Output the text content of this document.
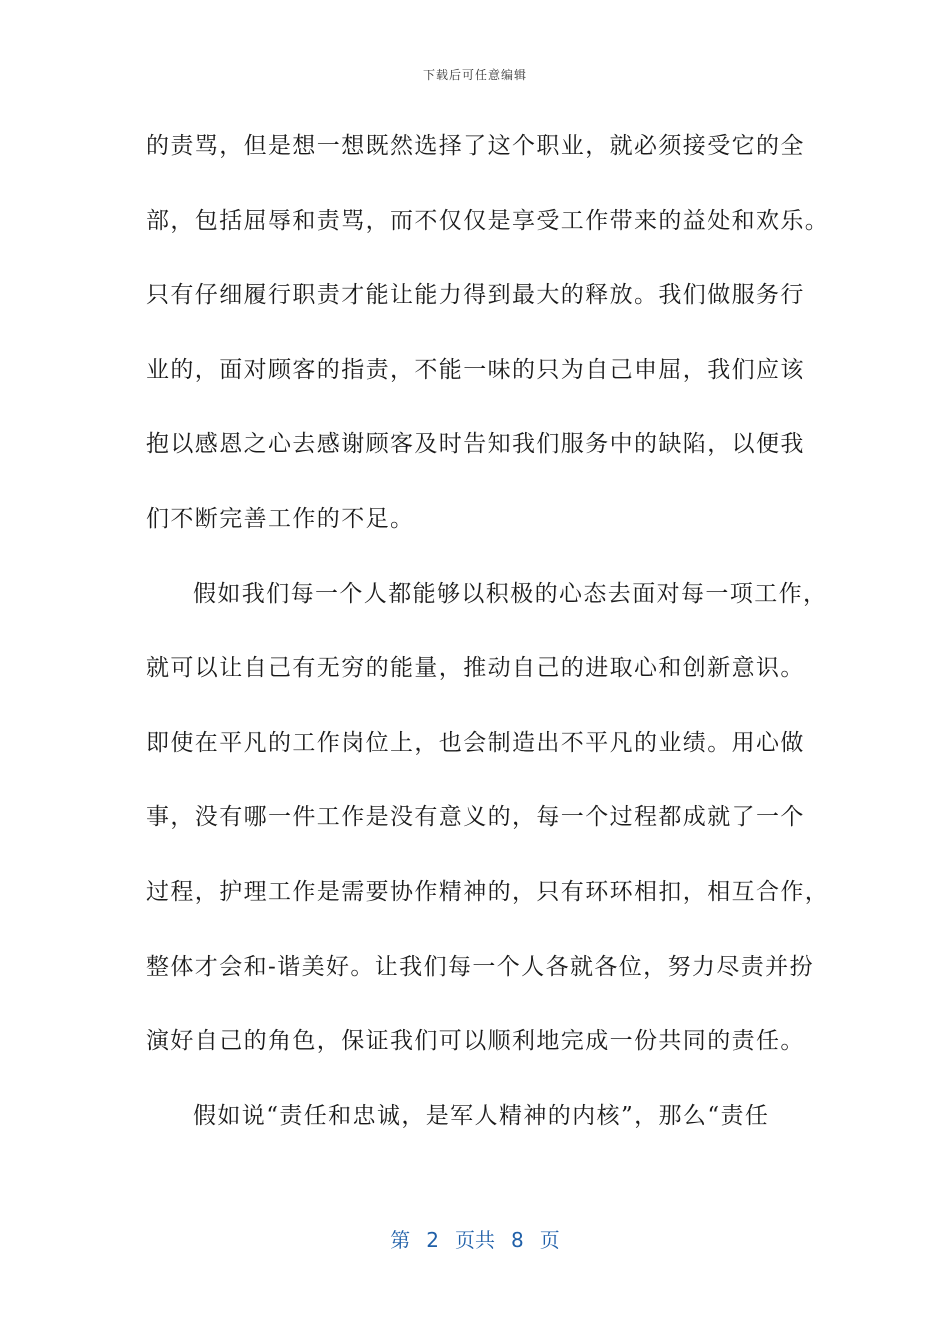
下载后可任意编辑
的责骂，但是想一想既然选择了这个职业，就必须接受它的全
部，包括屈辱和责骂，而不仅仅是享受工作带来的益处和欢乐。
只有仔细履行职责才能让能力得到最大的释放。我们做服务行
业的，面对顾客的指责，不能一味的只为自己申屈，我们应该
抱以感恩之心去感谢顾客及时告知我们服务中的缺陷，以便我
们不断完善工作的不足。
假如我们每一个人都能够以积极的心态去面对每一项工作，
就可以让自己有无穷的能量，推动自己的进取心和创新意识。
即使在平凡的工作岗位上，也会制造出不平凡的业绩。用心做
事，没有哪一件工作是没有意义的，每一个过程都成就了一个
过程，护理工作是需要协作精神的，只有环环相扣，相互合作，
整体才会和-谐美好。让我们每一个人各就各位，努力尽责并扮
演好自己的角色，保证我们可以顺利地完成一份共同的责任。
假如说“责任和忠诚，是军人精神的内核”，那么“责任
第 2 页共 8 页
